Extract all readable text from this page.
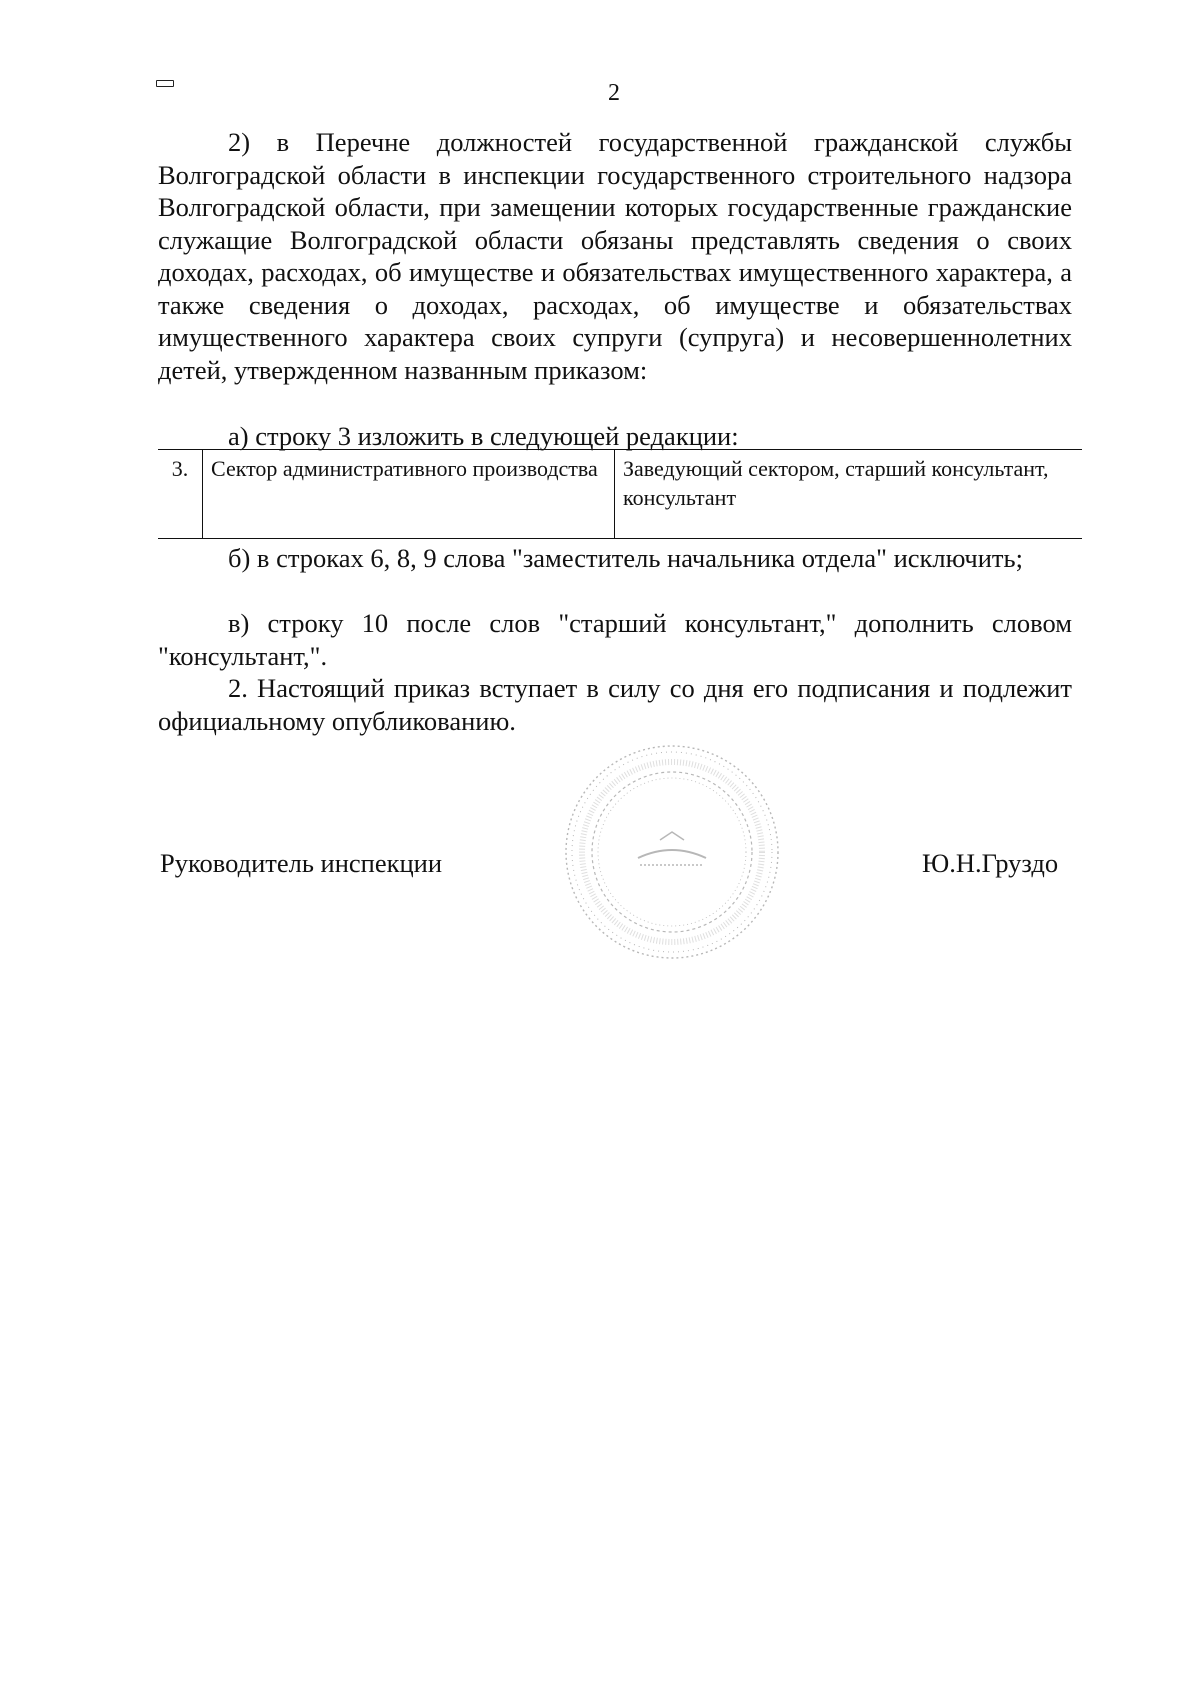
2
2) в Перечне должностей государственной гражданской службы Волгоградской области в инспекции государственного строительного надзора Волгоградской области, при замещении которых государственные гражданские служащие Волгоградской области обязаны представлять сведения о своих доходах, расходах, об имуществе и обязательствах имущественного характера, а также сведения о доходах, расходах, об имуществе и обязательствах имущественного характера своих супруги (супруга) и несовершеннолетних детей, утвержденном названным приказом:
а) строку 3 изложить в следующей редакции:
3.	Сектор административного производства	Заведующий сектором, старший консультант, консультант
б) в строках 6, 8, 9 слова "заместитель начальника отдела" исключить;
в) строку 10 после слов "старший консультант," дополнить словом "консультант,".
2. Настоящий приказ вступает в силу со дня его подписания и подлежит официальному опубликованию.
Руководитель инспекции	Ю.Н.Груздо
